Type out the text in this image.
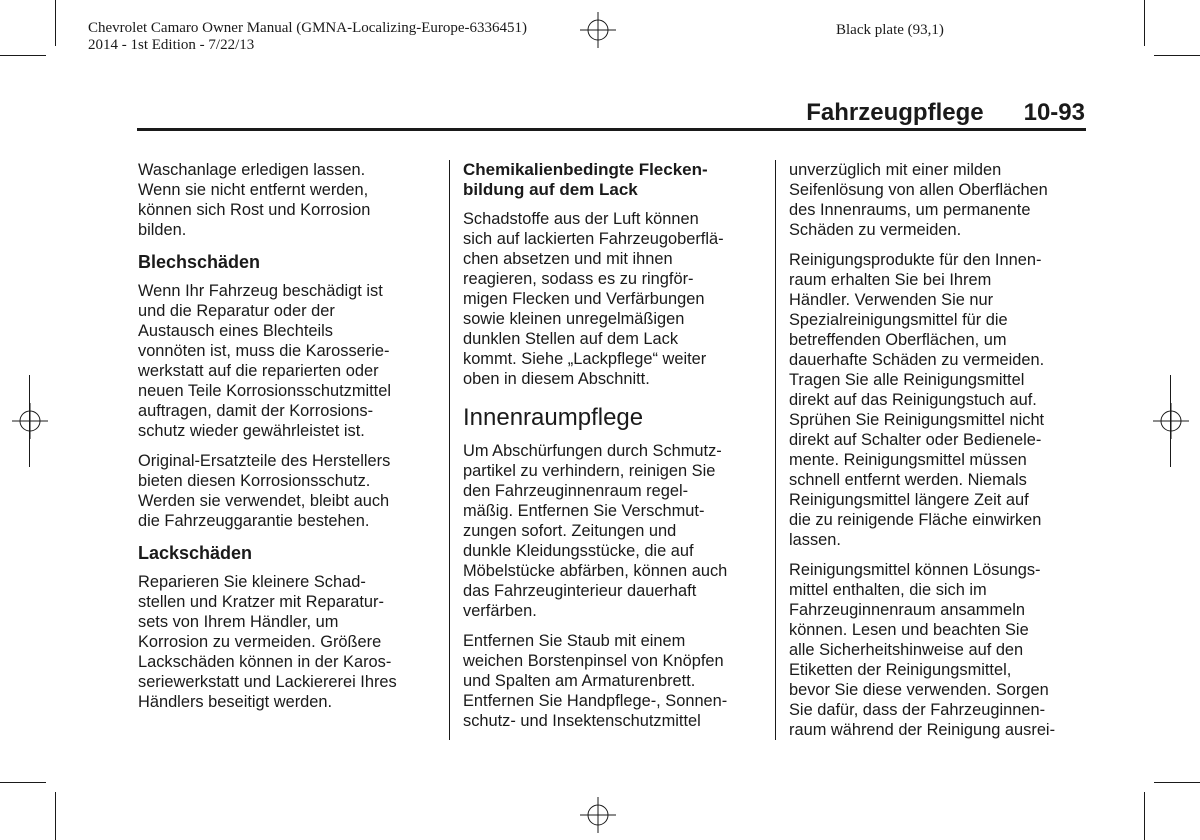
Chevrolet Camaro Owner Manual (GMNA-Localizing-Europe-6336451)
2014 - 1st Edition - 7/22/13
Black plate (93,1)
Fahrzeugpflege 10-93
Waschanlage erledigen lassen.
Wenn sie nicht entfernt werden,
können sich Rost und Korrosion
bilden.
Blechschäden
Wenn Ihr Fahrzeug beschädigt ist
und die Reparatur oder der
Austausch eines Blechteils
vonnöten ist, muss die Karosserie-
werkstatt auf die reparierten oder
neuen Teile Korrosionsschutzmittel
auftragen, damit der Korrosions-
schutz wieder gewährleistet ist.
Original-Ersatzteile des Herstellers
bieten diesen Korrosionsschutz.
Werden sie verwendet, bleibt auch
die Fahrzeuggarantie bestehen.
Lackschäden
Reparieren Sie kleinere Schad-
stellen und Kratzer mit Reparatur-
sets von Ihrem Händler, um
Korrosion zu vermeiden. Größere
Lackschäden können in der Karos-
seriewerkstatt und Lackiererei Ihres
Händlers beseitigt werden.
Chemikalienbedingte Flecken-
bildung auf dem Lack
Schadstoffe aus der Luft können
sich auf lackierten Fahrzeugoberflä-
chen absetzen und mit ihnen
reagieren, sodass es zu ringför-
migen Flecken und Verfärbungen
sowie kleinen unregelmäßigen
dunklen Stellen auf dem Lack
kommt. Siehe „Lackpflege“ weiter
oben in diesem Abschnitt.
Innenraumpflege
Um Abschürfungen durch Schmutz-
partikel zu verhindern, reinigen Sie
den Fahrzeuginnenraum regel-
mäßig. Entfernen Sie Verschmut-
zungen sofort. Zeitungen und
dunkle Kleidungsstücke, die auf
Möbelstücke abfärben, können auch
das Fahrzeuginterieur dauerhaft
verfärben.
Entfernen Sie Staub mit einem
weichen Borstenpinsel von Knöpfen
und Spalten am Armaturenbrett.
Entfernen Sie Handpflege-, Sonnen-
schutz- und Insektenschutzmittel
unverzüglich mit einer milden
Seifenlösung von allen Oberflächen
des Innenraums, um permanente
Schäden zu vermeiden.
Reinigungsprodukte für den Innen-
raum erhalten Sie bei Ihrem
Händler. Verwenden Sie nur
Spezialreinigungsmittel für die
betreffenden Oberflächen, um
dauerhafte Schäden zu vermeiden.
Tragen Sie alle Reinigungsmittel
direkt auf das Reinigungstuch auf.
Sprühen Sie Reinigungsmittel nicht
direkt auf Schalter oder Bedienele-
mente. Reinigungsmittel müssen
schnell entfernt werden. Niemals
Reinigungsmittel längere Zeit auf
die zu reinigende Fläche einwirken
lassen.
Reinigungsmittel können Lösungs-
mittel enthalten, die sich im
Fahrzeuginnenraum ansammeln
können. Lesen und beachten Sie
alle Sicherheitshinweise auf den
Etiketten der Reinigungsmittel,
bevor Sie diese verwenden. Sorgen
Sie dafür, dass der Fahrzeuginnen-
raum während der Reinigung ausrei-
